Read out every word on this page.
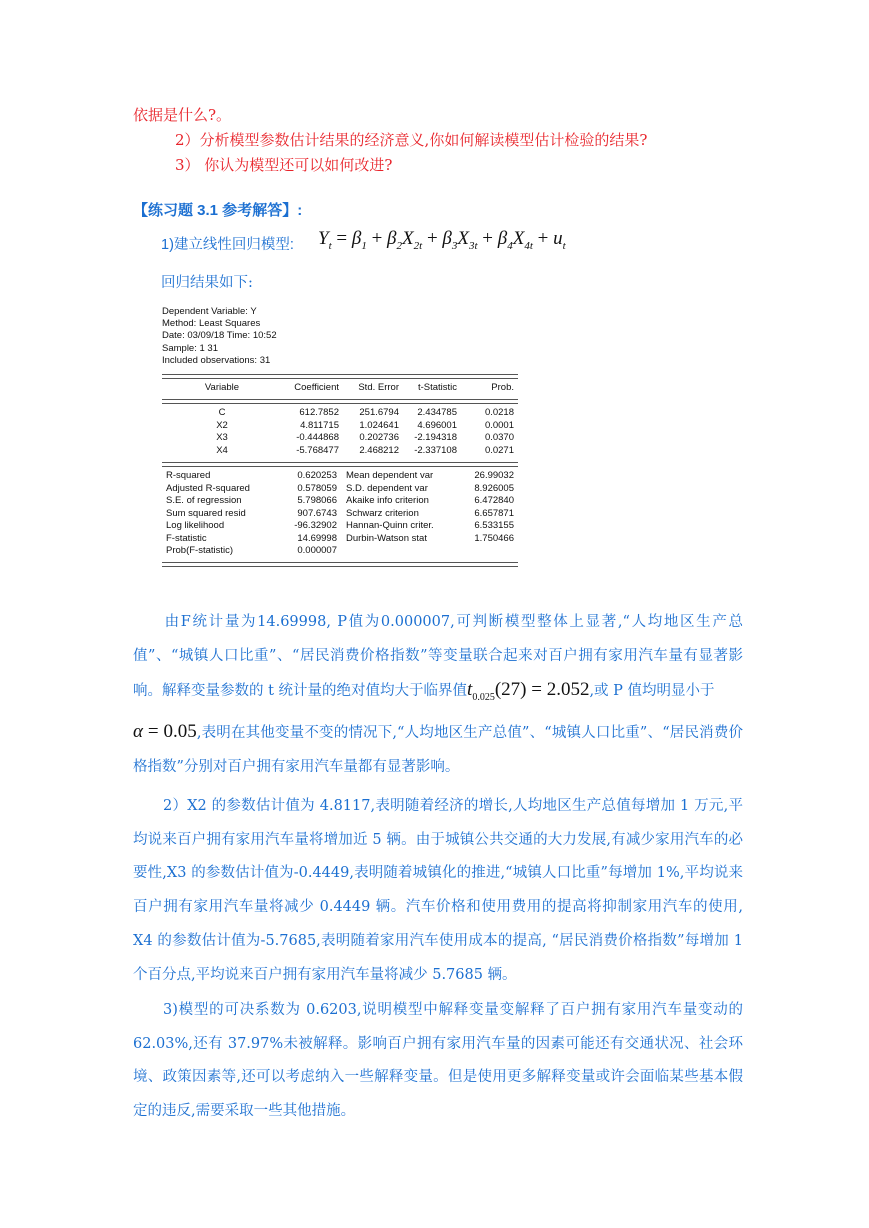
依据是什么?。
2）分析模型参数估计结果的经济意义,你如何解读模型估计检验的结果?
3） 你认为模型还可以如何改进?
【练习题 3.1 参考解答】:
1)建立线性回归模型: $Y_t = \beta_1 + \beta_2X_{2t} + \beta_3X_{3t} + \beta_4X_{4t} + u_t$
回归结果如下:
Dependent Variable: Y
Method: Least Squares
Date: 03/09/18 Time: 10:52
Sample: 1 31
Included observations: 31
Variable	Coefficient Std. Error t-Statistic	Prob.
C	612.7852 251.6794 2.434785	0.0218
X2	4.811715 1.024641 4.696001	0.0001
X3	-0.444868 0.202736 -2.194318	0.0370
X4	-5.768477 2.468212 -2.337108	0.0271
R-squared	0.620253 Mean dependent var	26.99032
Adjusted R-squared	0.578059 S.D. dependent var	8.926005
S.E. of regression	5.798066 Akaike info criterion	6.472840
Sum squared resid	907.6743 Schwarz criterion	6.657871
Log likelihood	-96.32902 Hannan-Quinn criter.	6.533155
F-statistic	14.69998 Durbin-Watson stat	1.750466
Prob(F-statistic)	0.000007
由F统计量为14.69998, P值为0.000007,可判断模型整体上显著,“人均地区生产总值”、“城镇人口比重”、“居民消费价格指数”等变量联合起来对百户拥有家用汽车量有显著影响。解释变量参数的 t 统计量的绝对值均大于临界值$t_{0.025}(27) = 2.052$,或 P 值均明显小于
α = 0.05,表明在其他变量不变的情况下,“人均地区生产总值”、“城镇人口比重”、“居民消费价格指数”分别对百户拥有家用汽车量都有显著影响。
2）X2 的参数估计值为 4.8117,表明随着经济的增长,人均地区生产总值每增加 1 万元,平均说来百户拥有家用汽车量将增加近 5 辆。由于城镇公共交通的大力发展,有减少家用汽车的必要性,X3 的参数估计值为-0.4449,表明随着城镇化的推进,“城镇人口比重”每增加 1%,平均说来百户拥有家用汽车量将减少 0.4449 辆。汽车价格和使用费用的提高将抑制家用汽车的使用, X4 的参数估计值为-5.7685,表明随着家用汽车使用成本的提高, “居民消费价格指数”每增加 1 个百分点,平均说来百户拥有家用汽车量将减少 5.7685 辆。
3)模型的可决系数为 0.6203,说明模型中解释变量变解释了百户拥有家用汽车量变动的 62.03%,还有 37.97%未被解释。影响百户拥有家用汽车量的因素可能还有交通状况、社会环境、政策因素等,还可以考虑纳入一些解释变量。但是使用更多解释变量或许会面临某些基本假定的违反,需要采取一些其他措施。
